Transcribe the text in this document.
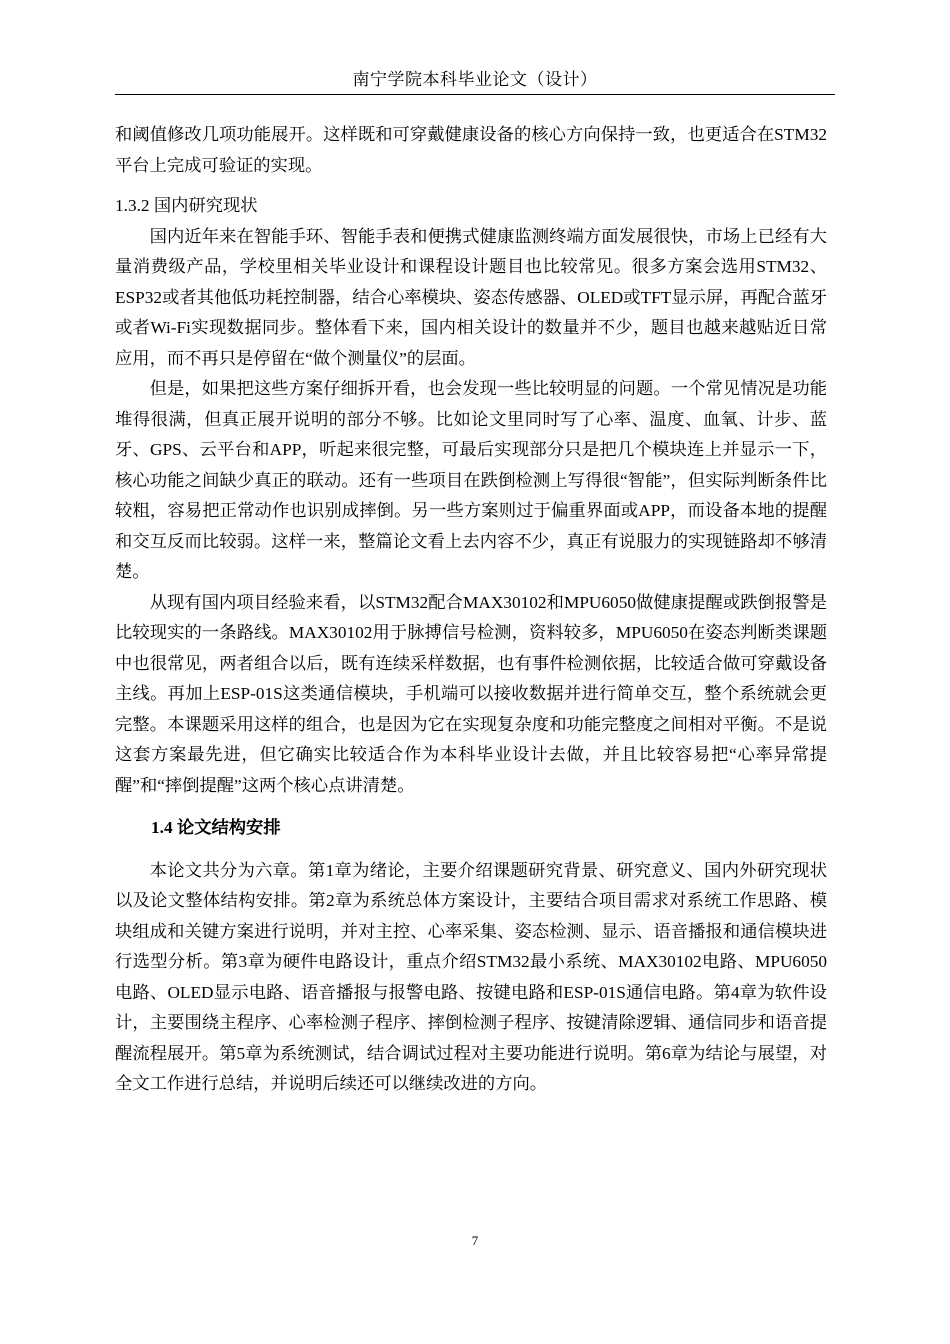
南宁学院本科毕业论文（设计）

和阈值修改几项功能展开。这样既和可穿戴健康设备的核心方向保持一致，也更适合在STM32平台上完成可验证的实现。

1.3.2 国内研究现状

国内近年来在智能手环、智能手表和便携式健康监测终端方面发展很快，市场上已经有大量消费级产品，学校里相关毕业设计和课程设计题目也比较常见。很多方案会选用STM32、ESP32或者其他低功耗控制器，结合心率模块、姿态传感器、OLED或TFT显示屏，再配合蓝牙或者Wi-Fi实现数据同步。整体看下来，国内相关设计的数量并不少，题目也越来越贴近日常应用，而不再只是停留在“做个测量仪”的层面。

但是，如果把这些方案仔细拆开看，也会发现一些比较明显的问题。一个常见情况是功能堆得很满，但真正展开说明的部分不够。比如论文里同时写了心率、温度、血氧、计步、蓝牙、GPS、云平台和APP，听起来很完整，可最后实现部分只是把几个模块连上并显示一下，核心功能之间缺少真正的联动。还有一些项目在跌倒检测上写得很“智能”，但实际判断条件比较粗，容易把正常动作也识别成摔倒。另一些方案则过于偏重界面或APP，而设备本地的提醒和交互反而比较弱。这样一来，整篇论文看上去内容不少，真正有说服力的实现链路却不够清楚。

从现有国内项目经验来看，以STM32配合MAX30102和MPU6050做健康提醒或跌倒报警是比较现实的一条路线。MAX30102用于脉搏信号检测，资料较多，MPU6050在姿态判断类课题中也很常见，两者组合以后，既有连续采样数据，也有事件检测依据，比较适合做可穿戴设备主线。再加上ESP-01S这类通信模块，手机端可以接收数据并进行简单交互，整个系统就会更完整。本课题采用这样的组合，也是因为它在实现复杂度和功能完整度之间相对平衡。不是说这套方案最先进，但它确实比较适合作为本科毕业设计去做，并且比较容易把“心率异常提醒”和“摔倒提醒”这两个核心点讲清楚。

1.4 论文结构安排

本论文共分为六章。第1章为绪论，主要介绍课题研究背景、研究意义、国内外研究现状以及论文整体结构安排。第2章为系统总体方案设计，主要结合项目需求对系统工作思路、模块组成和关键方案进行说明，并对主控、心率采集、姿态检测、显示、语音播报和通信模块进行选型分析。第3章为硬件电路设计，重点介绍STM32最小系统、MAX30102电路、MPU6050电路、OLED显示电路、语音播报与报警电路、按键电路和ESP-01S通信电路。第4章为软件设计，主要围绕主程序、心率检测子程序、摔倒检测子程序、按键清除逻辑、通信同步和语音提醒流程展开。第5章为系统测试，结合调试过程对主要功能进行说明。第6章为结论与展望，对全文工作进行总结，并说明后续还可以继续改进的方向。

7
